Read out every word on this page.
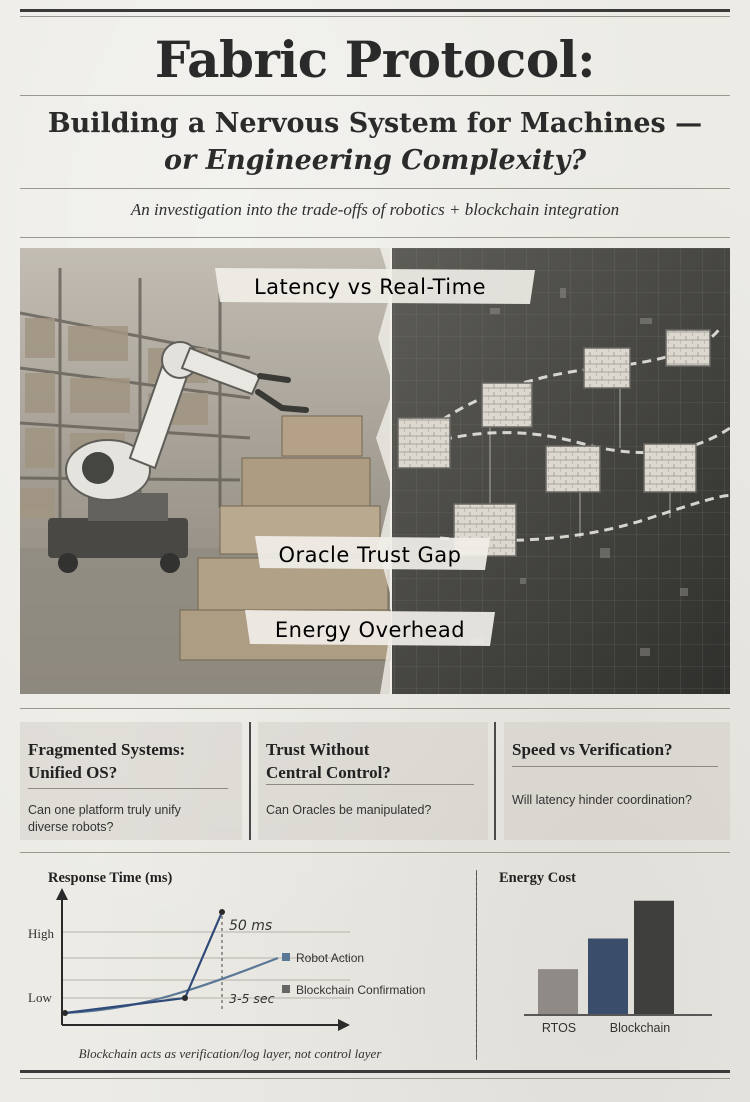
Fabric Protocol:
Building a Nervous System for Machines —
or Engineering Complexity?
An investigation into the trade-offs of robotics + blockchain integration
Latency vs Real-Time
Oracle Trust Gap
Energy Overhead
Fragmented Systems:
Unified OS?
Can one platform truly unify
diverse robots?
Trust Without
Central Control?
Can Oracles be manipulated?
Speed vs Verification?
Will latency hinder coordination?
Response Time (ms)
High
Low
50 ms
3-5 sec
Robot Action
Blockchain Confirmation
Blockchain acts as verification/log layer, not control layer
Energy Cost
RTOS	Blockchain
